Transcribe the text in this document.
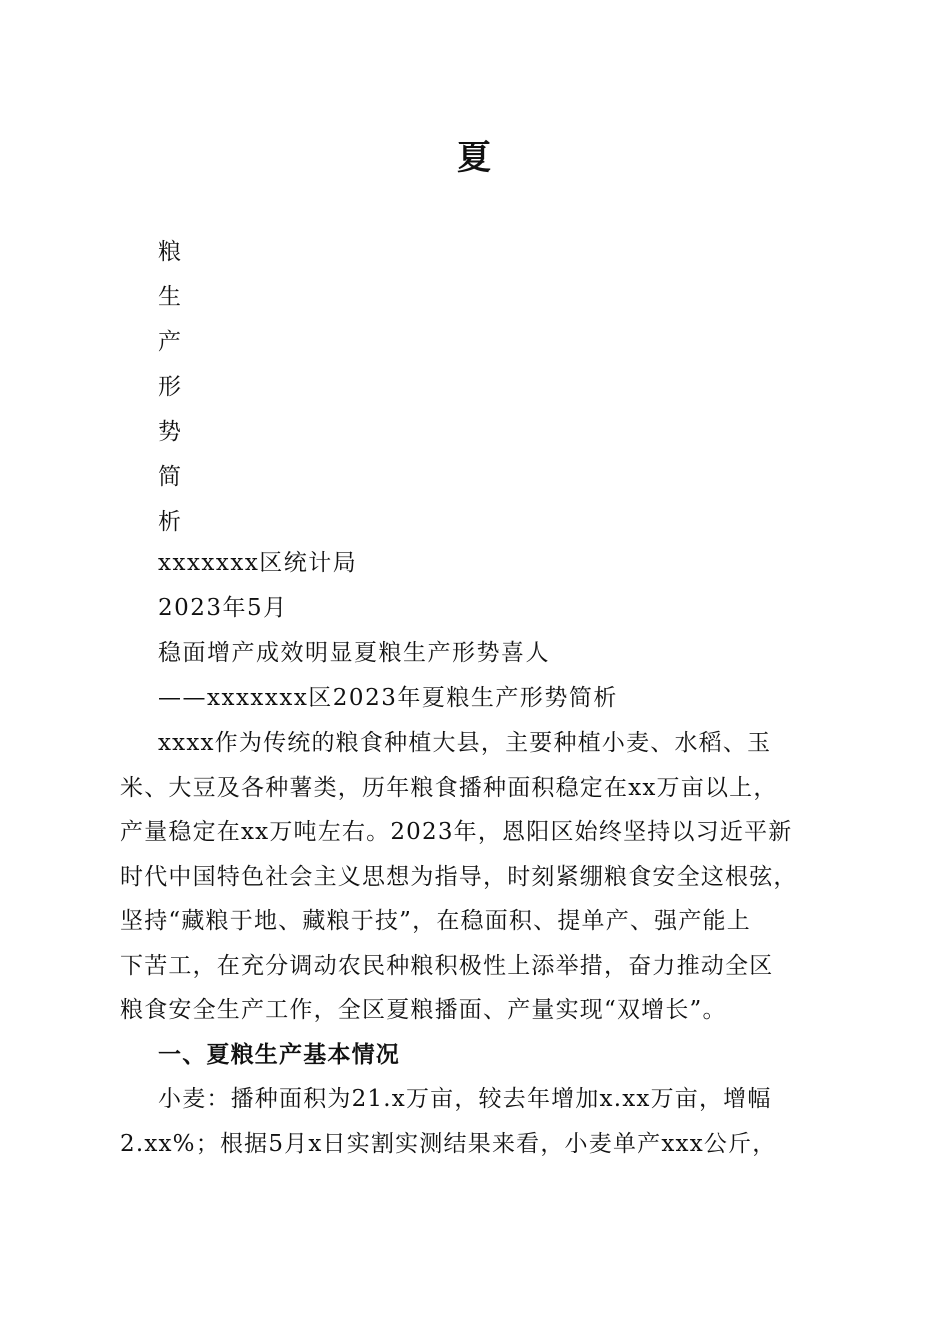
夏
粮
生
产
形
势
简
析
xxxxxxx区统计局
2023年5月
稳面增产成效明显夏粮生产形势喜人
——xxxxxxx区2023年夏粮生产形势简析
xxxx作为传统的粮食种植大县，主要种植小麦、水稻、玉
米、大豆及各种薯类，历年粮食播种面积稳定在xx万亩以上，
产量稳定在xx万吨左右。2023年，恩阳区始终坚持以习近平新
时代中国特色社会主义思想为指导，时刻紧绷粮食安全这根弦，
坚持“藏粮于地、藏粮于技”，在稳面积、提单产、强产能上
下苦工，在充分调动农民种粮积极性上添举措，奋力推动全区
粮食安全生产工作，全区夏粮播面、产量实现“双增长”。
一、夏粮生产基本情况
小麦：播种面积为21.x万亩，较去年增加x.xx万亩，增幅
2.xx%；根据5月x日实割实测结果来看，小麦单产xxx公斤，
